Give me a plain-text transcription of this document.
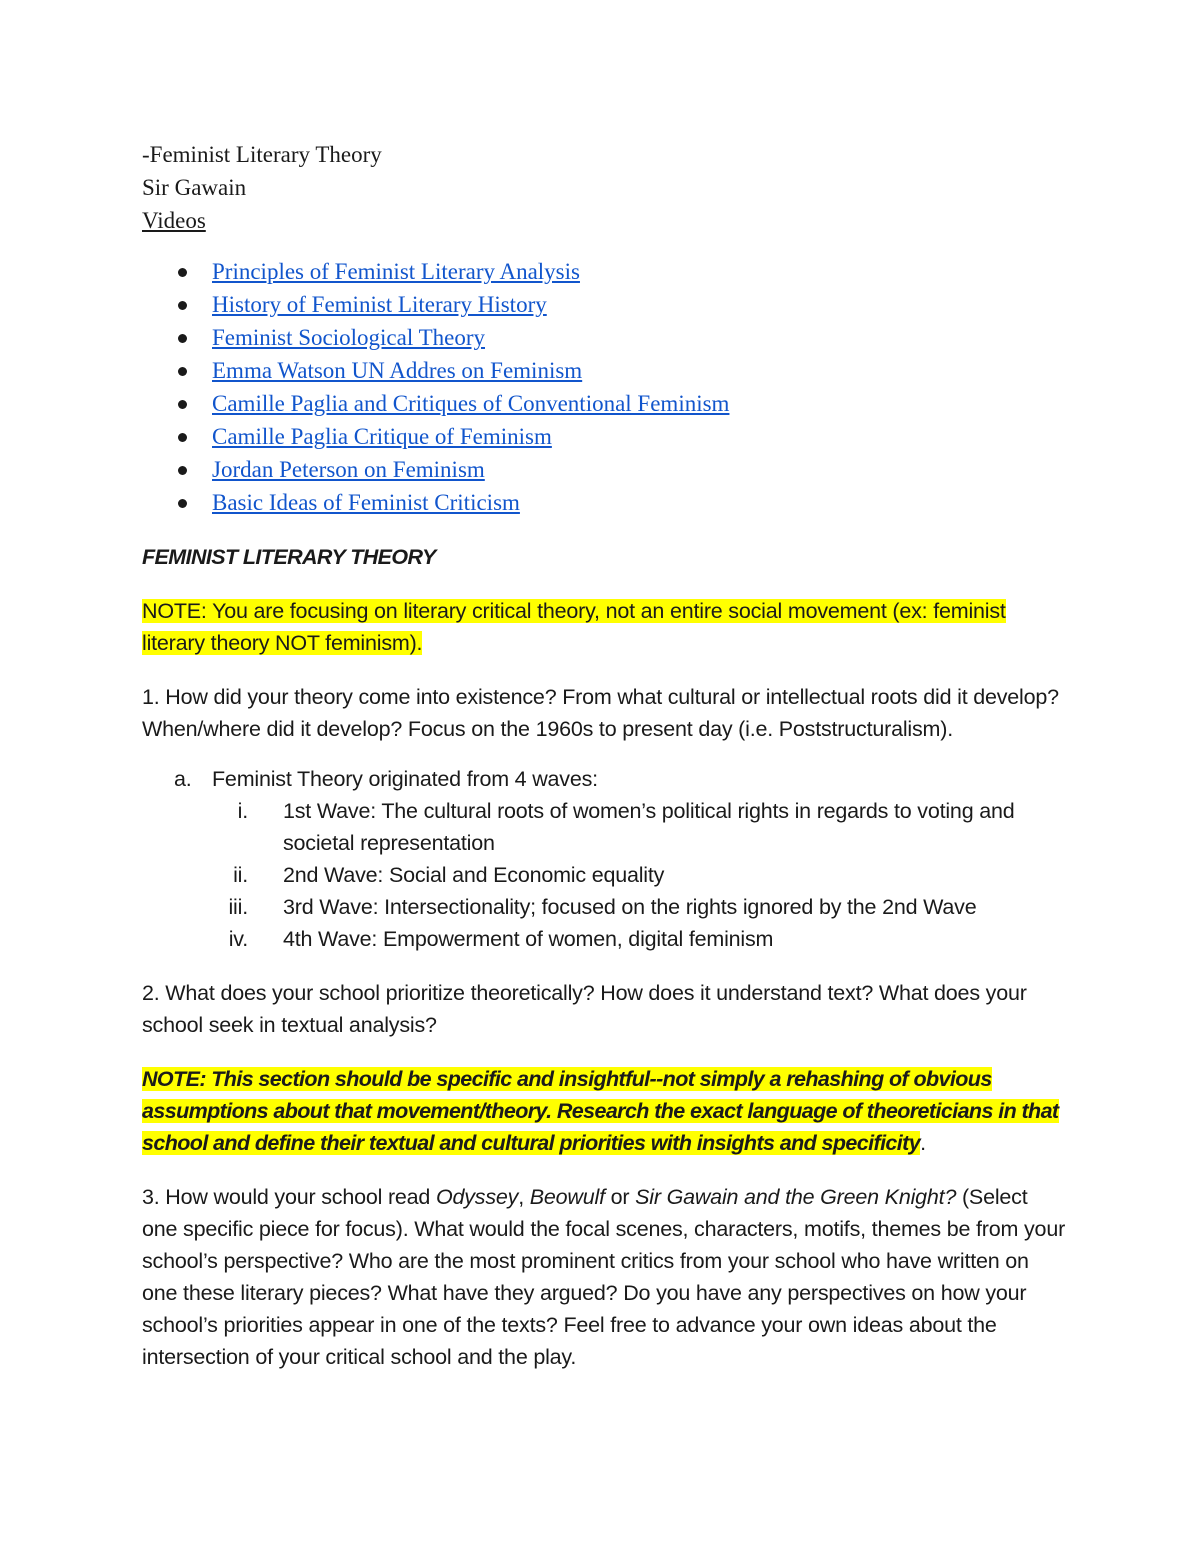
-Feminist Literary Theory

Sir Gawain

Videos

Principles of Feminist Literary Analysis
History of Feminist Literary History
Feminist Sociological Theory
Emma Watson UN Addres on Feminism
Camille Paglia and Critiques of Conventional Feminism
Camille Paglia Critique of Feminism
Jordan Peterson on Feminism
Basic Ideas of Feminist Criticism

FEMINIST LITERARY THEORY

NOTE: You are focusing on literary critical theory, not an entire social movement (ex: feminist literary theory NOT feminism).

1. How did your theory come into existence? From what cultural or intellectual roots did it develop? When/where did it develop? Focus on the 1960s to present day (i.e. Poststructuralism).

a. Feminist Theory originated from 4 waves:
i. 1st Wave: The cultural roots of women’s political rights in regards to voting and societal representation
ii. 2nd Wave: Social and Economic equality
iii. 3rd Wave: Intersectionality; focused on the rights ignored by the 2nd Wave
iv. 4th Wave: Empowerment of women, digital feminism

2. What does your school prioritize theoretically? How does it understand text? What does your school seek in textual analysis?

NOTE: This section should be specific and insightful--not simply a rehashing of obvious assumptions about that movement/theory. Research the exact language of theoreticians in that school and define their textual and cultural priorities with insights and specificity.

3. How would your school read Odyssey, Beowulf or Sir Gawain and the Green Knight? (Select one specific piece for focus). What would the focal scenes, characters, motifs, themes be from your school’s perspective? Who are the most prominent critics from your school who have written on one these literary pieces? What have they argued? Do you have any perspectives on how your school’s priorities appear in one of the texts? Feel free to advance your own ideas about the intersection of your critical school and the play.
